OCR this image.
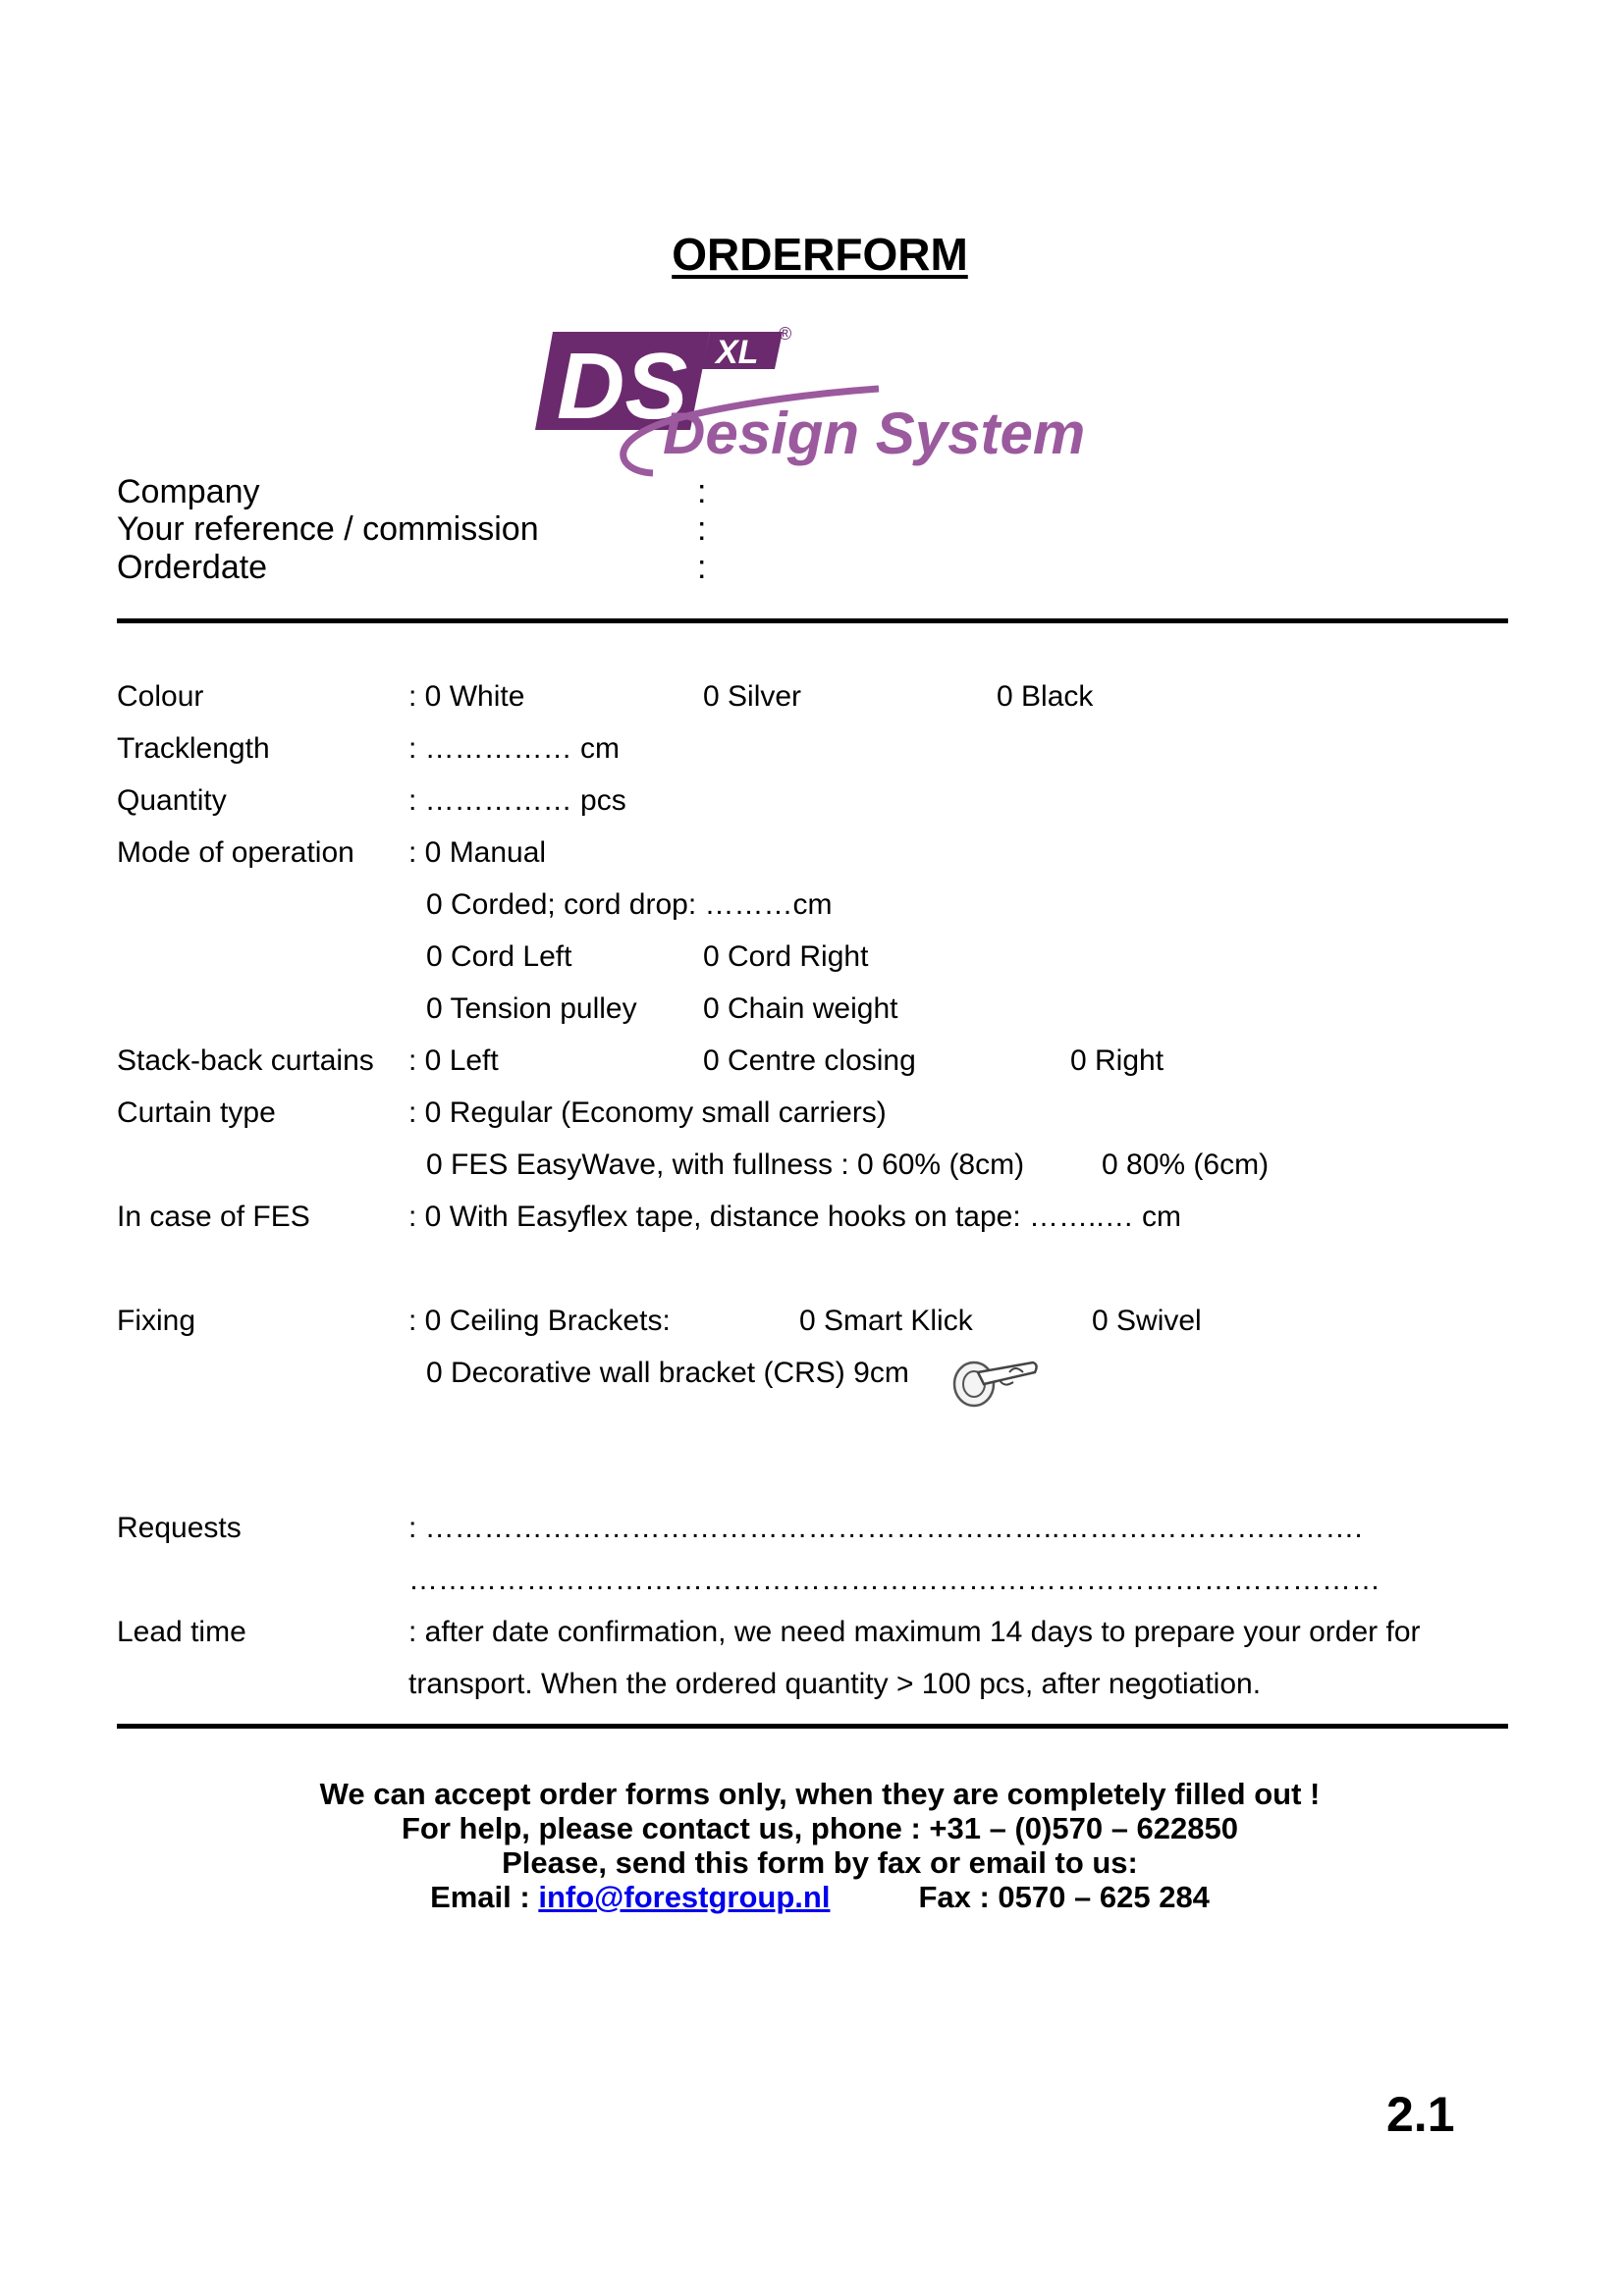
ORDERFORM
DS XL ®
Design System
Company	:
Your reference / commission	:
Orderdate	:
Colour	: 0 White	0 Silver	0 Black
Tracklength	: …………… cm
Quantity	: …………… pcs
Mode of operation : 0 Manual
0 Corded; cord drop: ………cm
0 Cord Left	0 Cord Right
0 Tension pulley 0 Chain weight
Stack-back curtains : 0 Left	0 Centre closing	0 Right
Curtain type	: 0 Regular (Economy small carriers)
0 FES EasyWave, with fullness : 0 60% (8cm)	0 80% (6cm)
In case of FES	: 0 With Easyflex tape, distance hooks on tape: ……..… cm
Fixing	: 0 Ceiling Brackets:	0 Smart Klick	0 Swivel
0 Decorative wall bracket (CRS) 9cm
Requests	: ………………………………………………………..………………………….
………………………………………………………………………………………
Lead time	: after date confirmation, we need maximum 14 days to prepare your order for
transport. When the ordered quantity > 100 pcs, after negotiation.
We can accept order forms only, when they are completely filled out !
For help, please contact us, phone : +31 – (0)570 – 622850
Please, send this form by fax or email to us:
Email : info@forestgroup.nl	Fax : 0570 – 625 284
2.1
